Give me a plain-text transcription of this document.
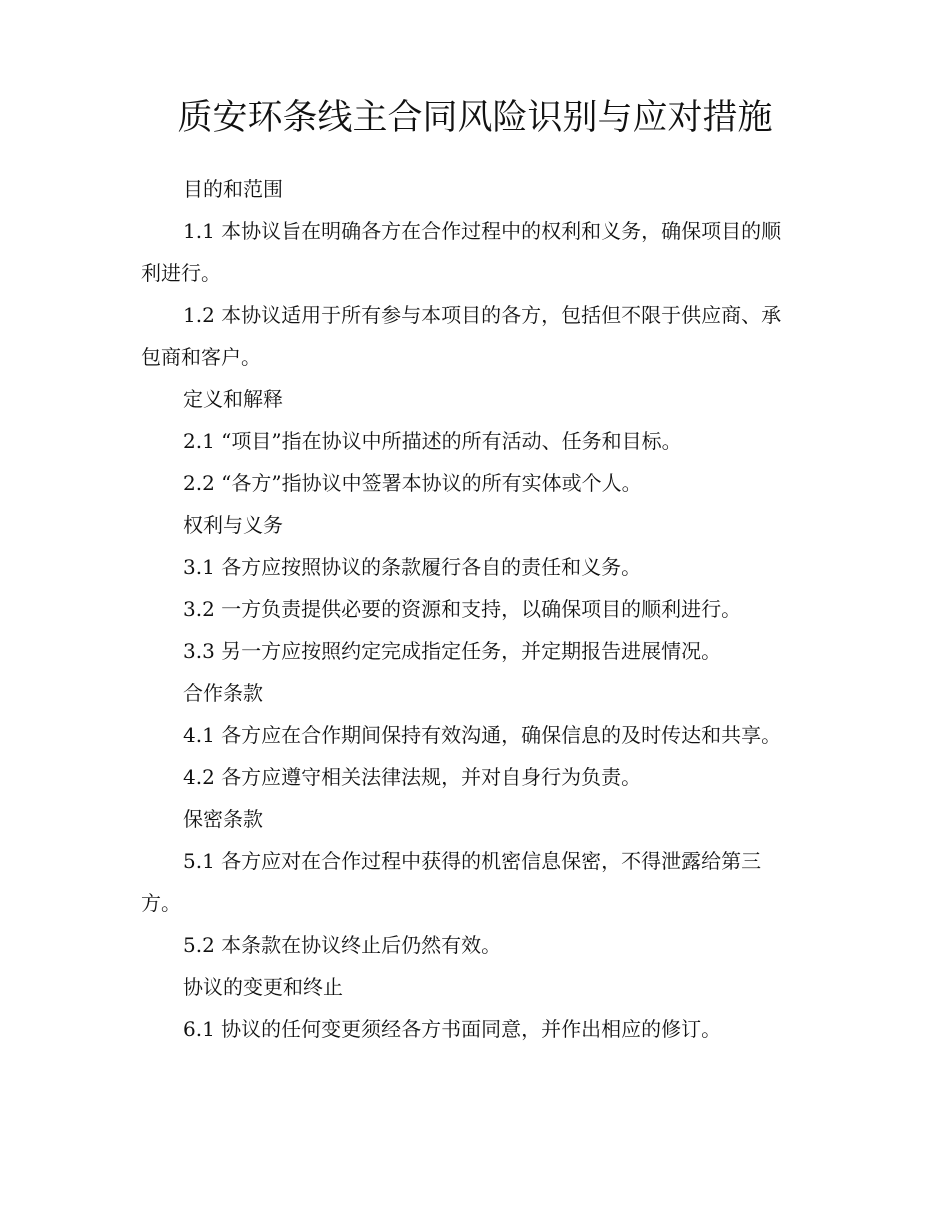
质安环条线主合同风险识别与应对措施

目的和范围

1.1 本协议旨在明确各方在合作过程中的权利和义务，确保项目的顺利进行。

1.2 本协议适用于所有参与本项目的各方，包括但不限于供应商、承包商和客户。

定义和解释

2.1 “项目”指在协议中所描述的所有活动、任务和目标。

2.2 “各方”指协议中签署本协议的所有实体或个人。

权利与义务

3.1 各方应按照协议的条款履行各自的责任和义务。

3.2 一方负责提供必要的资源和支持，以确保项目的顺利进行。

3.3 另一方应按照约定完成指定任务，并定期报告进展情况。

合作条款

4.1 各方应在合作期间保持有效沟通，确保信息的及时传达和共享。

4.2 各方应遵守相关法律法规，并对自身行为负责。

保密条款

5.1 各方应对在合作过程中获得的机密信息保密，不得泄露给第三方。

5.2 本条款在协议终止后仍然有效。

协议的变更和终止

6.1 协议的任何变更须经各方书面同意，并作出相应的修订。
